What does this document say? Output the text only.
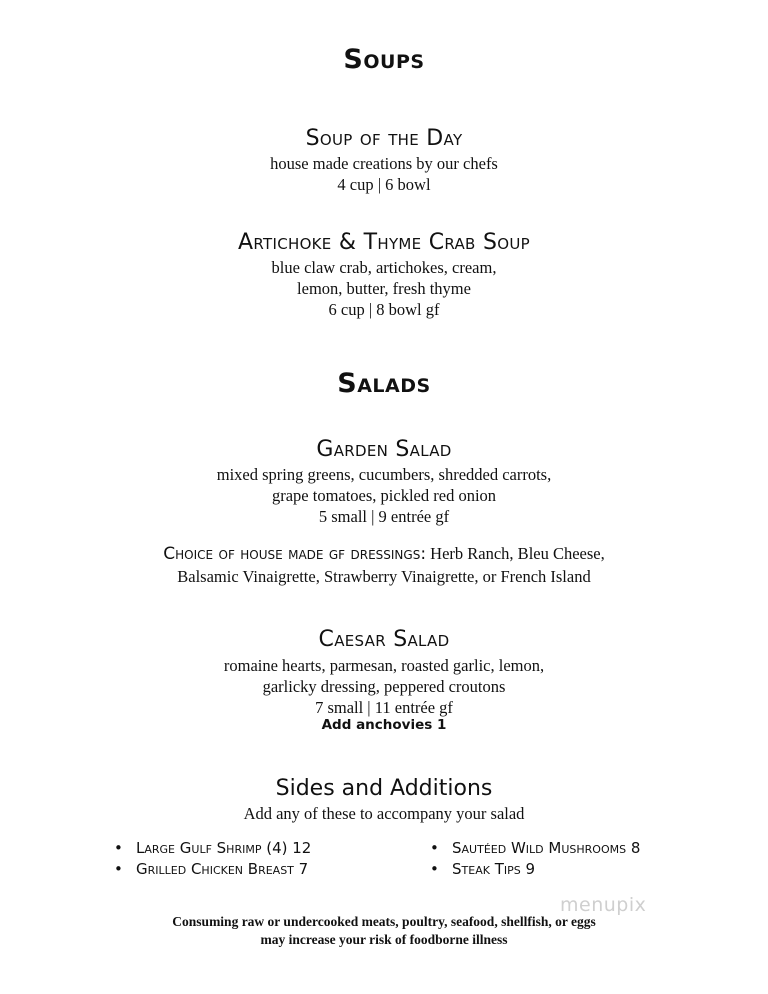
Soups
Soup of the Day
house made creations by our chefs
4 cup | 6 bowl
Artichoke & Thyme Crab Soup
blue claw crab, artichokes, cream,
lemon, butter, fresh thyme
6 cup | 8 bowl gf
Salads
Garden Salad
mixed spring greens, cucumbers, shredded carrots,
grape tomatoes, pickled red onion
5 small | 9 entrée gf
Choice of house made gf dressings: Herb Ranch, Bleu Cheese,
Balsamic Vinaigrette, Strawberry Vinaigrette, or French Island
Caesar Salad
romaine hearts, parmesan, roasted garlic, lemon,
garlicky dressing, peppered croutons
7 small | 11 entrée gf
Add anchovies 1
Sides and Additions
Add any of these to accompany your salad
• Large Gulf Shrimp (4) 12
• Grilled Chicken Breast 7
• Sautéed Wild Mushrooms 8
• Steak Tips 9
menupix
Consuming raw or undercooked meats, poultry, seafood, shellfish, or eggs
may increase your risk of foodborne illness
